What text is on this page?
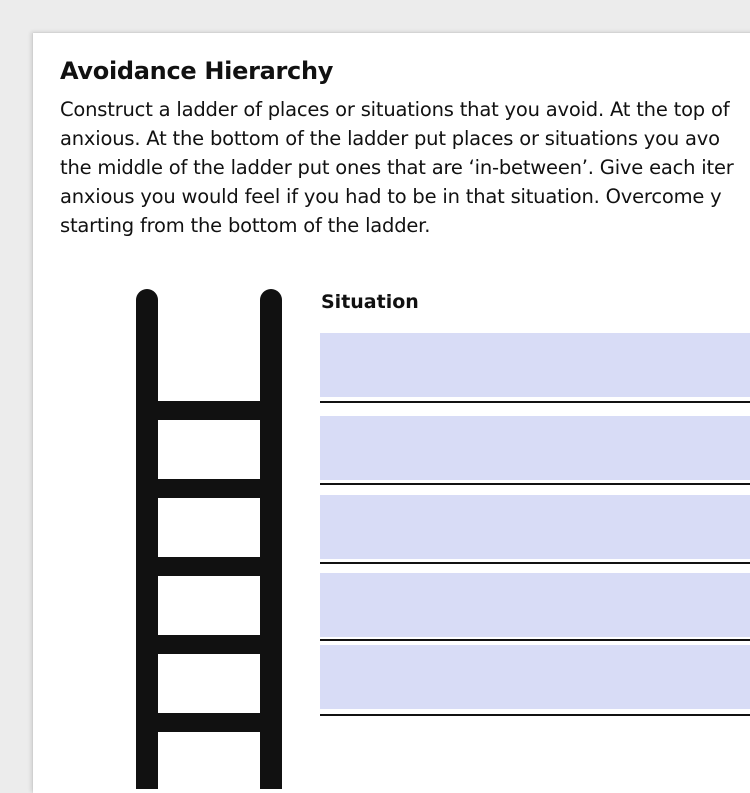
Avoidance Hierarchy
Construct a ladder of places or situations that you avoid. At the top of
anxious. At the bottom of the ladder put places or situations you avo
the middle of the ladder put ones that are ‘in-between’. Give each iter
anxious you would feel if you had to be in that situation. Overcome y
starting from the bottom of the ladder.
Situation
